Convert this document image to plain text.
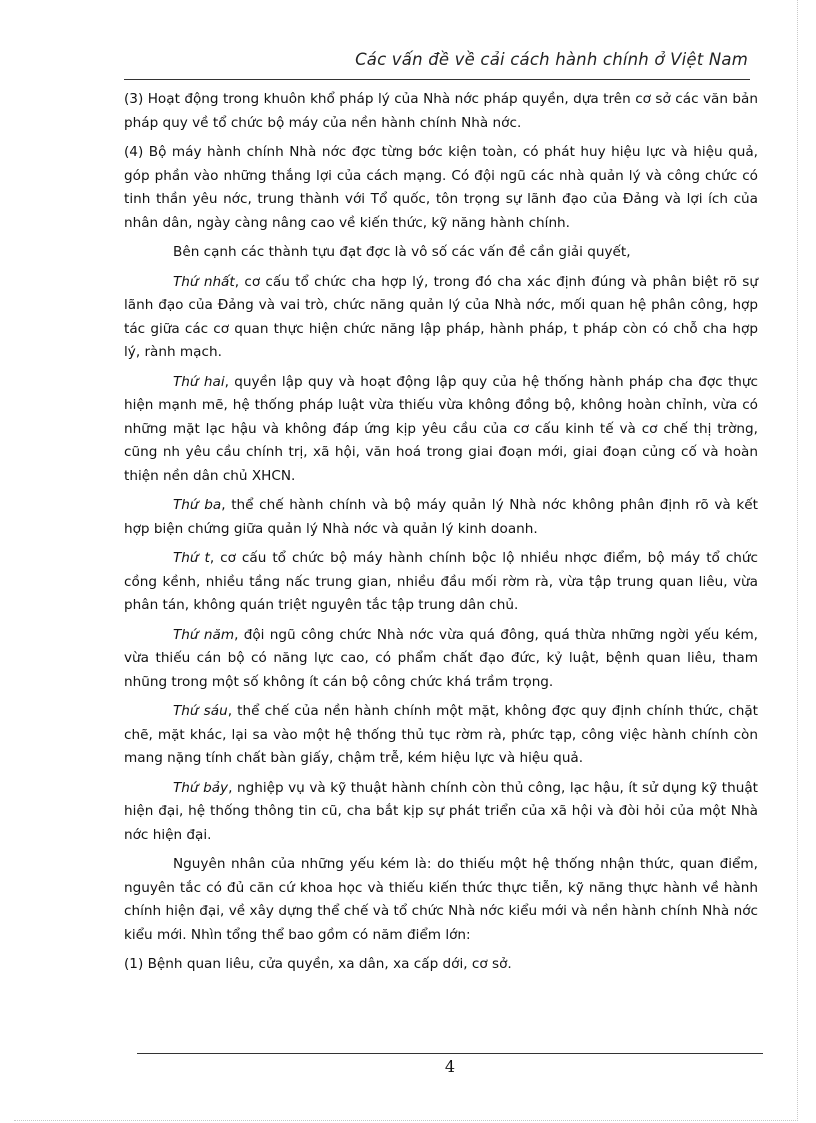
Các vấn đề về cải cách hành chính ở Việt Nam

(3) Hoạt động trong khuôn khổ pháp lý của Nhà nớc pháp quyền, dựa trên cơ sở các văn bản pháp quy về tổ chức bộ máy của nền hành chính Nhà nớc.

(4) Bộ máy hành chính Nhà nớc đợc từng bớc kiện toàn, có phát huy hiệu lực và hiệu quả, góp phần vào những thắng lợi của cách mạng. Có đội ngũ các nhà quản lý và công chức có tinh thần yêu nớc, trung thành với Tổ quốc, tôn trọng sự lãnh đạo của Đảng và lợi ích của nhân dân, ngày càng nâng cao về kiến thức, kỹ năng hành chính.

Bên cạnh các thành tựu đạt đợc là vô số các vấn đề cần giải quyết,

Thứ nhất, cơ cấu tổ chức cha hợp lý, trong đó cha xác định đúng và phân biệt rõ sự lãnh đạo của Đảng và vai trò, chức năng quản lý của Nhà nớc, mối quan hệ phân công, hợp tác giữa các cơ quan thực hiện chức năng lập pháp, hành pháp, t pháp còn có chỗ cha hợp lý, rành mạch.

Thứ hai, quyền lập quy và hoạt động lập quy của hệ thống hành pháp cha đợc thực hiện mạnh mẽ, hệ thống pháp luật vừa thiếu vừa không đồng bộ, không hoàn chỉnh, vừa có những mặt lạc hậu và không đáp ứng kịp yêu cầu của cơ cấu kinh tế và cơ chế thị trờng, cũng nh yêu cầu chính trị, xã hội, văn hoá trong giai đoạn mới, giai đoạn củng cố và hoàn thiện nền dân chủ XHCN.

Thứ ba, thể chế hành chính và bộ máy quản lý Nhà nớc không phân định rõ và kết hợp biện chứng giữa quản lý Nhà nớc và quản lý kinh doanh.

Thứ t, cơ cấu tổ chức bộ máy hành chính bộc lộ nhiều nhợc điểm, bộ máy tổ chức cồng kềnh, nhiều tầng nấc trung gian, nhiều đầu mối rờm rà, vừa tập trung quan liêu, vừa phân tán, không quán triệt nguyên tắc tập trung dân chủ.

Thứ năm, đội ngũ công chức Nhà nớc vừa quá đông, quá thừa những ngời yếu kém, vừa thiếu cán bộ có năng lực cao, có phẩm chất đạo đức, kỷ luật, bệnh quan liêu, tham nhũng trong một số không ít cán bộ công chức khá trầm trọng.

Thứ sáu, thể chế của nền hành chính một mặt, không đợc quy định chính thức, chặt chẽ, mặt khác, lại sa vào một hệ thống thủ tục rờm rà, phức tạp, công việc hành chính còn mang nặng tính chất bàn giấy, chậm trễ, kém hiệu lực và hiệu quả.

Thứ bảy, nghiệp vụ và kỹ thuật hành chính còn thủ công, lạc hậu, ít sử dụng kỹ thuật hiện đại, hệ thống thông tin cũ, cha bắt kịp sự phát triển của xã hội và đòi hỏi của một Nhà nớc hiện đại.

Nguyên nhân của những yếu kém là: do thiếu một hệ thống nhận thức, quan điểm, nguyên tắc có đủ căn cứ khoa học và thiếu kiến thức thực tiễn, kỹ năng thực hành về hành chính hiện đại, về xây dựng thể chế và tổ chức Nhà nớc kiểu mới và nền hành chính Nhà nớc kiểu mới. Nhìn tổng thể bao gồm có năm điểm lớn:

(1) Bệnh quan liêu, cửa quyền, xa dân, xa cấp dới, cơ sở.

4
